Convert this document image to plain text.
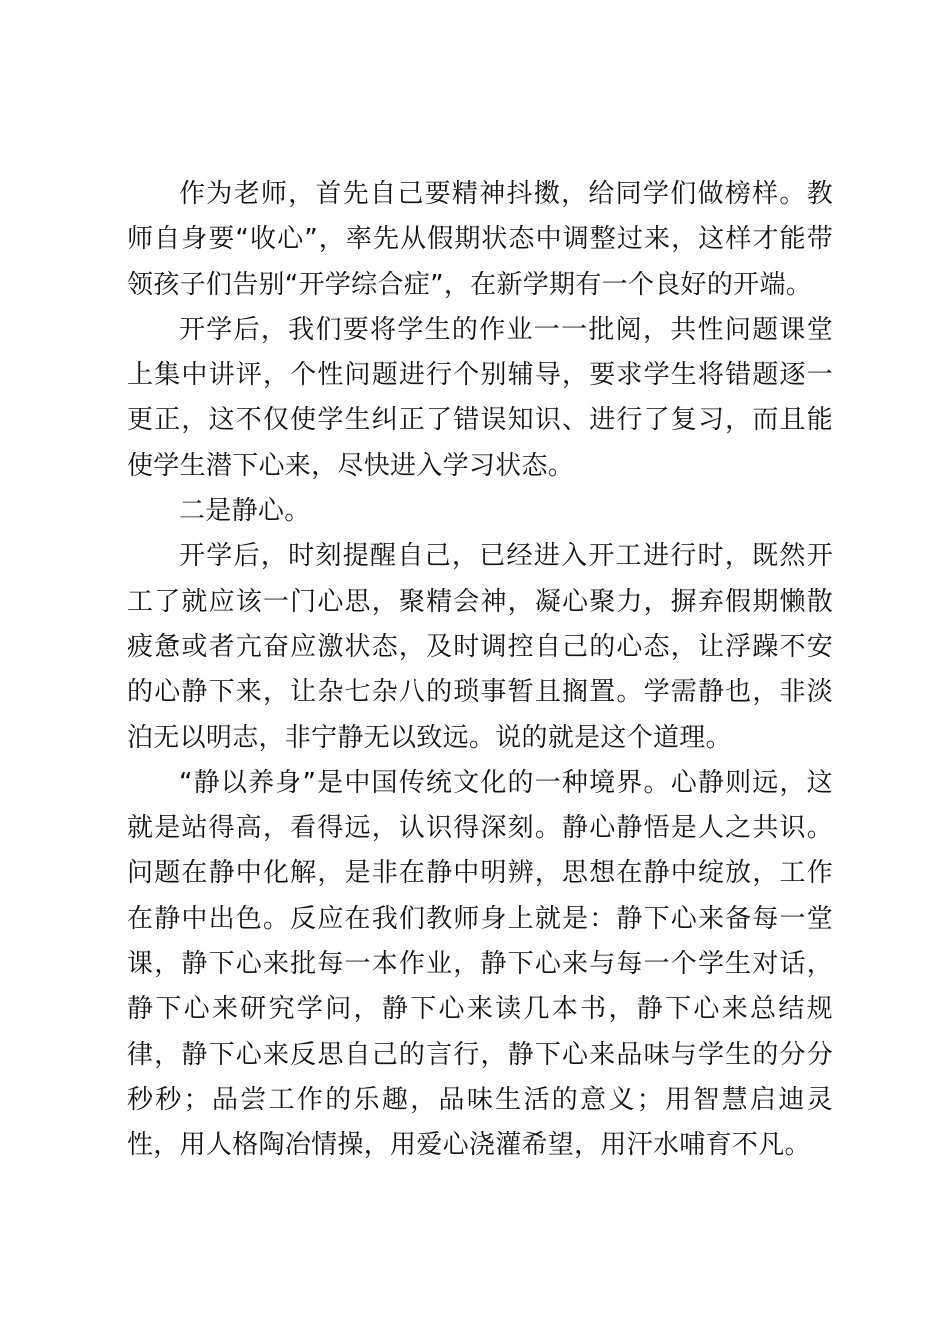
作为老师，首先自己要精神抖擞，给同学们做榜样。教师自身要“收心”，率先从假期状态中调整过来，这样才能带领孩子们告别“开学综合症”，在新学期有一个良好的开端。

开学后，我们要将学生的作业一一批阅，共性问题课堂上集中讲评，个性问题进行个别辅导，要求学生将错题逐一更正，这不仅使学生纠正了错误知识、进行了复习，而且能使学生潜下心来，尽快进入学习状态。

二是静心。

开学后，时刻提醒自己，已经进入开工进行时，既然开工了就应该一门心思，聚精会神，凝心聚力，摒弃假期懒散疲惫或者亢奋应激状态，及时调控自己的心态，让浮躁不安的心静下来，让杂七杂八的琐事暂且搁置。学需静也，非淡泊无以明志，非宁静无以致远。说的就是这个道理。

“静以养身”是中国传统文化的一种境界。心静则远，这就是站得高，看得远，认识得深刻。静心静悟是人之共识。问题在静中化解，是非在静中明辨，思想在静中绽放，工作在静中出色。反应在我们教师身上就是：静下心来备每一堂课，静下心来批每一本作业，静下心来与每一个学生对话，静下心来研究学问，静下心来读几本书，静下心来总结规律，静下心来反思自己的言行，静下心来品味与学生的分分秒秒；品尝工作的乐趣，品味生活的意义；用智慧启迪灵性，用人格陶冶情操，用爱心浇灌希望，用汗水哺育不凡。
